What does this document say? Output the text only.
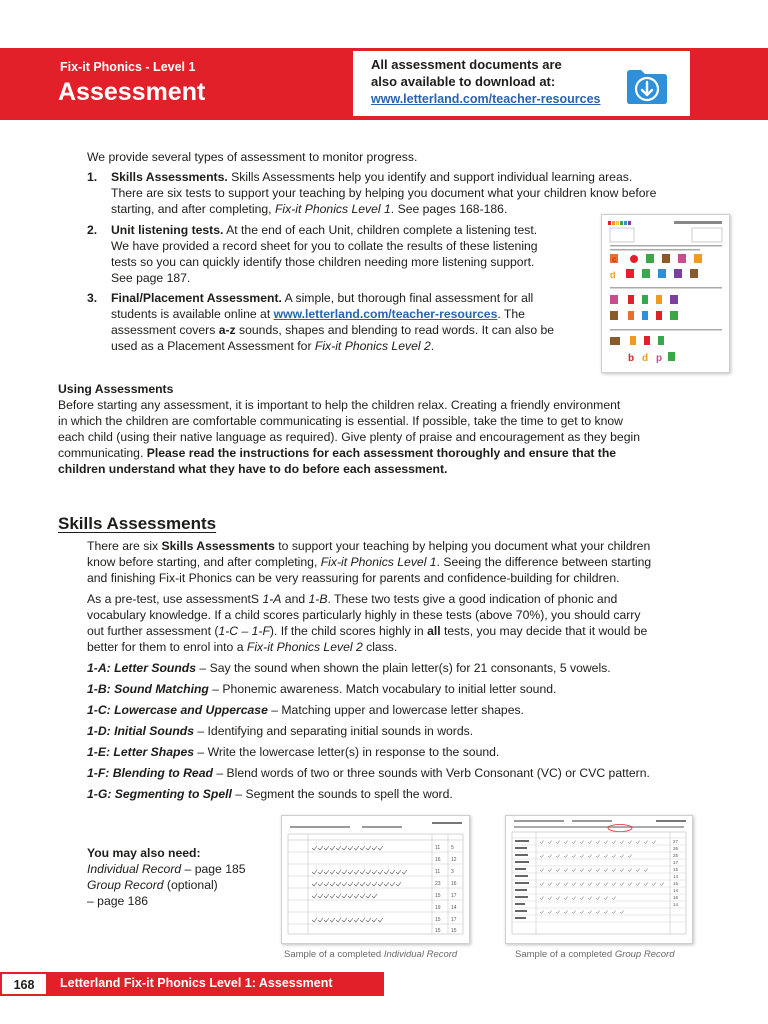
Fix-it Phonics - Level 1
Assessment
All assessment documents are
also available to download at:
www.letterland.com/teacher-resources
We provide several types of assessment to monitor progress.
1. Skills Assessments. Skills Assessments help you identify and support individual learning areas.
There are six tests to support your teaching by helping you document what your children know before
starting, and after completing, Fix-it Phonics Level 1. See pages 168-186.
2. Unit listening tests. At the end of each Unit, children complete a listening test.
We have provided a record sheet for you to collate the results of these listening
tests so you can quickly identify those children needing more listening support.
See page 187.
3. Final/Placement Assessment. A simple, but thorough final assessment for all
students is available online at www.letterland.com/teacher-resources. The
assessment covers a-z sounds, shapes and blending to read words. It can also be
used as a Placement Assessment for Fix-it Phonics Level 2.
c
d
b d p
Using Assessments
Before starting any assessment, it is important to help the children relax. Creating a friendly environment
in which the children are comfortable communicating is essential. If possible, take the time to get to know
each child (using their native language as required). Give plenty of praise and encouragement as they begin
communicating. Please read the instructions for each assessment thoroughly and ensure that the
children understand what they have to do before each assessment.
Skills Assessments
There are six Skills Assessments to support your teaching by helping you document what your children
know before starting, and after completing, Fix-it Phonics Level 1. Seeing the difference between starting
and finishing Fix-it Phonics can be very reassuring for parents and confidence-building for children.
As a pre-test, use assessmentS 1-A and 1-B. These two tests give a good indication of phonic and
vocabulary knowledge. If a child scores particularly highly in these tests (above 70%), you should carry
out further assessment (1-C – 1-F). If the child scores highly in all tests, you may decide that it would be
better for them to enrol into a Fix-it Phonics Level 2 class.
1-A: Letter Sounds – Say the sound when shown the plain letter(s) for 21 consonants, 5 vowels.
1-B: Sound Matching – Phonemic awareness. Match vocabulary to initial letter sound.
1-C: Lowercase and Uppercase – Matching upper and lowercase letter shapes.
1-D: Initial Sounds – Identifying and separating initial sounds in words.
1-E: Letter Shapes – Write the lowercase letter(s) in response to the sound.
1-F: Blending to Read – Blend words of two or three sounds with Verb Consonant (VC) or CVC pattern.
1-G: Segmenting to Spell – Segment the sounds to spell the word.
You may also need:
Individual Record – page 185
Group Record (optional)
– page 186
11 5
16 12
11 3
23 16
15 17
19 14
15 17
15 15
Sample of a completed Individual Record
27
26
25
17
15
14
16
14
16
14
Sample of a completed Group Record
168	Letterland Fix-it Phonics Level 1: Assessment
